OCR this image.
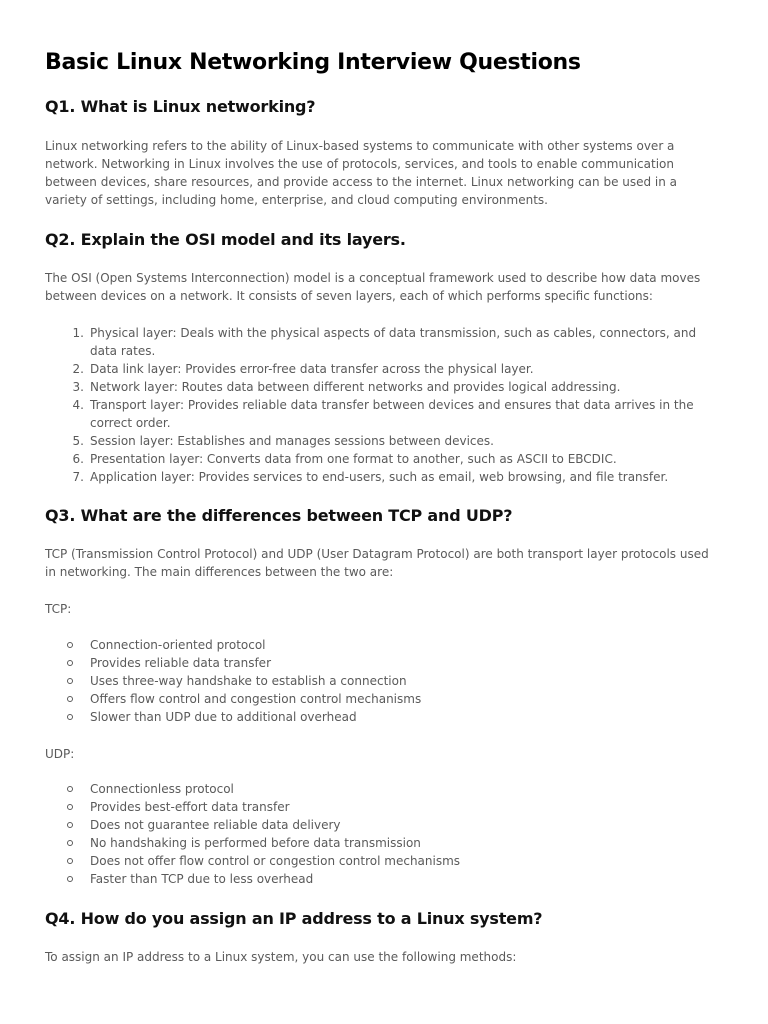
Basic Linux Networking Interview Questions
Q1. What is Linux networking?

Linux networking refers to the ability of Linux-based systems to communicate with other systems over a network. Networking in Linux involves the use of protocols, services, and tools to enable communication between devices, share resources, and provide access to the internet. Linux networking can be used in a variety of settings, including home, enterprise, and cloud computing environments.

Q2. Explain the OSI model and its layers.

The OSI (Open Systems Interconnection) model is a conceptual framework used to describe how data moves between devices on a network. It consists of seven layers, each of which performs specific functions:

1. Physical layer: Deals with the physical aspects of data transmission, such as cables, connectors, and data rates.
2. Data link layer: Provides error-free data transfer across the physical layer.
3. Network layer: Routes data between different networks and provides logical addressing.
4. Transport layer: Provides reliable data transfer between devices and ensures that data arrives in the correct order.
5. Session layer: Establishes and manages sessions between devices.
6. Presentation layer: Converts data from one format to another, such as ASCII to EBCDIC.
7. Application layer: Provides services to end-users, such as email, web browsing, and file transfer.
Q3. What are the differences between TCP and UDP?

TCP (Transmission Control Protocol) and UDP (User Datagram Protocol) are both transport layer protocols used in networking. The main differences between the two are:

TCP:

Connection-oriented protocol
Provides reliable data transfer
Uses three-way handshake to establish a connection
Offers flow control and congestion control mechanisms
Slower than UDP due to additional overhead

UDP:

Connectionless protocol
Provides best-effort data transfer
Does not guarantee reliable data delivery
No handshaking is performed before data transmission
Does not offer flow control or congestion control mechanisms
Faster than TCP due to less overhead
Q4. How do you assign an IP address to a Linux system?

To assign an IP address to a Linux system, you can use the following methods:
